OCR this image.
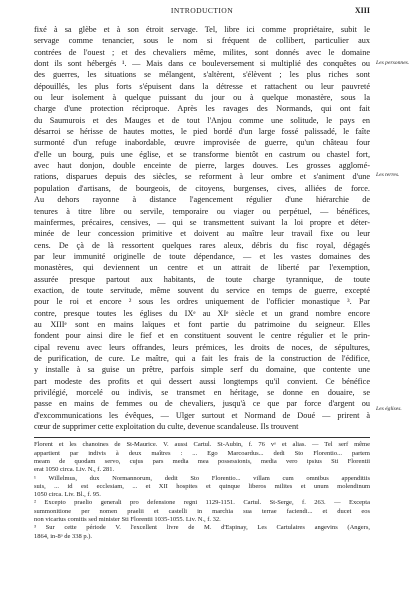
INTRODUCTION	XIII
fixé à sa glèbe et à son étroit servage. Tel, libre ici comme propriétaire, subit le
servage comme tenancier, sous le nom si fréquent de collibert, particulier aux
contrées de l'ouest ; et des chevaliers même, milites, sont donnés avec le domaine
dont ils sont hébergés ¹. — Mais dans ce bouleversement si multiplié des conquêtes ou
des guerres, les situations se mélangent, s'altèrent, s'élèvent ; les plus riches sont
dépouillés, les plus forts s'épuisent dans la détresse et rattachent ou leur pauvreté
ou leur isolement à quelque puissant du jour ou à quelque monastère, sous la
charge d'une protection réciproque. Après les ravages des Normands, qui ont fait
du Saumurois et des Mauges et de tout l'Anjou comme une solitude, le pays en
désarroi se hérisse de hautes mottes, le pied bordé d'un large fossé palissadé, le faîte
surmonté d'un refuge inabordable, œuvre improvisée de guerre, qu'un château four
d'elle un bourg, puis une église, et se transforme bientôt en castrum ou chastel fort,
avec haut donjon, double enceinte de pierre, larges douves. Les grosses agglomé-
rations, disparues depuis des siècles, se reforment à leur ombre et s'animent d'une
population d'artisans, de bourgeois, de citoyens, burgenses, cives, alliées de force.
Au dehors rayonne à distance l'agencement régulier d'une hiérarchie de
tenures à titre libre ou servile, temporaire ou viager ou perpétuel, — bénéfices,
mainfermes, précaires, censives, — qui se transmettent suivant la loi propre et déter-
minée de leur concession primitive et doivent au maître leur travail fixe ou leur
cens. De çà de là ressortent quelques rares aleux, débris du fisc royal, dégagés
par leur immunité originelle de toute dépendance, — et les vastes domaines des
monastères, qui deviennent un centre et un attrait de liberté par l'exemption,
assurée presque partout aux habitants, de toute charge tyrannique, de toute
exaction, de toute servitude, même souvent du service en temps de guerre, excepté
pour le roi et encore ² sous les ordres uniquement de l'officier monastique ³. Par
contre, presque toutes les églises du IXᵉ au XIᵉ siècle et un grand nombre encore
au XIIIᵉ sont en mains laïques et font partie du patrimoine du seigneur. Elles
fondent pour ainsi dire le fief et en constituent souvent le centre régulier et le prin-
cipal revenu avec leurs offrandes, leurs prémices, les droits de noces, de sépultures,
de purification, de cure. Le maître, qui a fait les frais de la construction de l'édifice,
y installe à sa guise un prêtre, parfois simple serf du domaine, que contente une
part modeste des profits et qui dessert aussi longtemps qu'il convient. Ce bénéfice
privilégié, morcelé ou indivis, se transmet en héritage, se donne en douaire, se
passe en mains de femmes ou de chevaliers, jusqu'à ce que par force d'argent ou
d'excommunications les évêques, — Ulger surtout et Normand de Doué — prirent à
cœur de supprimer cette exploitation du culte, devenue scandaleuse. Ils trouvent
Florent et les chanoines de St-Maurice. V. aussi Cartul. St-Aubin, f. 76 vᵒ et alias. — Tel serf même
appartient par indivis à deux maîtres : ... Ego Marcoardus... dedi Sto Florentio... partem
meam de quodam servo, cujus pars media mea possessionis, media vero ipsius Sti Florentii
erat 1050 circa. Liv. N., f. 281.
¹ Willelmus, dux Normannorum, dedit Sto Florentio... villam cum omnibus appenditiis
suis, ... id est ecclesiam, ... et XII hospites et quinque liberos milites et unum molendinum
1050 circa. Liv. Bl., f. 95.
² Excepto praelio generali pro defensione regni 1129-1151. Cartul. St-Serge, f. 263. — Excepta
summonitione per nomen praelii et castelli in marchia sua terrae faciendi... et ducet eos
non vicarius comitis sed minister Sti Florentii 1035-1055. Liv. N., f. 32.
³ Sur cette période V. l'excellent livre de M. d'Espinay, Les Cartulaires angevins (Angers,
1864, in-8ᵒ de 338 p.).
Les personnes.
Les terres.
Les églises.
